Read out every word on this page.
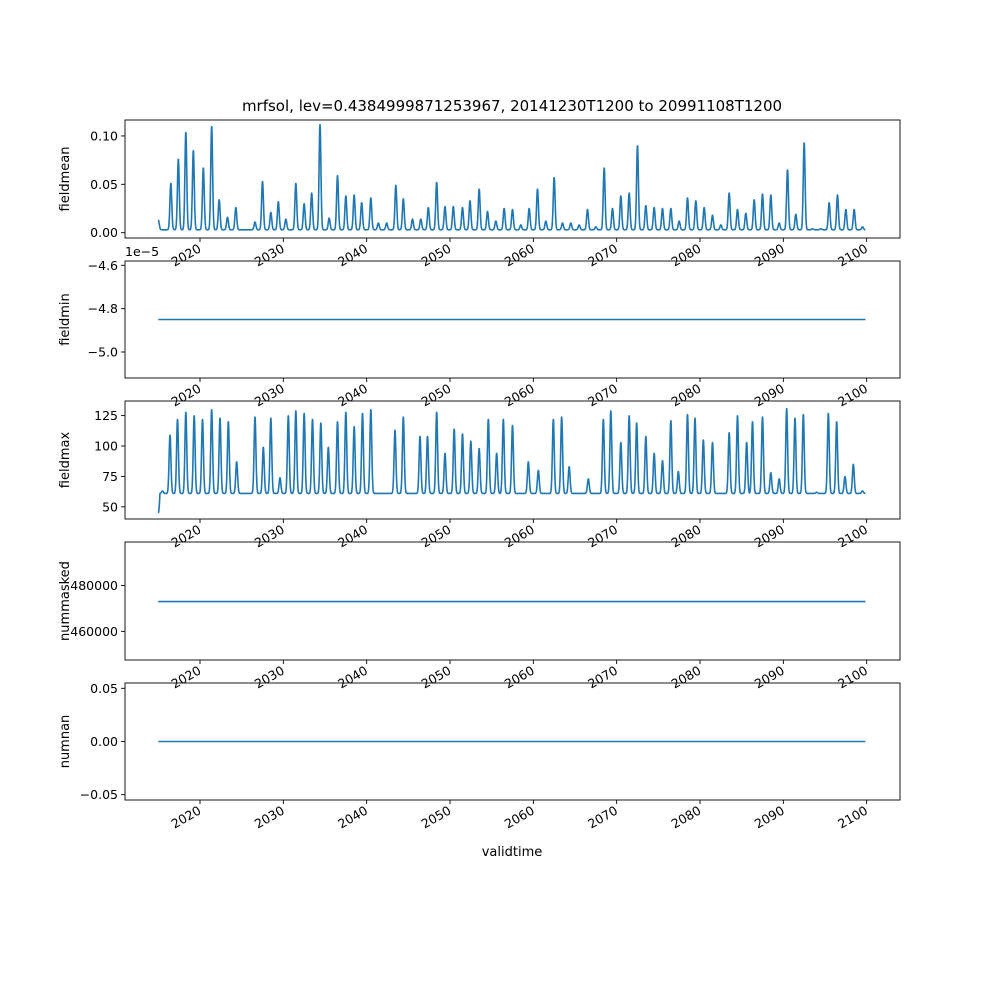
validtime
0.00
0.05
0.10
2020	2030	2040	2050	2060	2070	2080	2090	2100
fieldmean
−5.0
−4.8
−4.6
2020	2030	2040	2050	2060	2070	2080	2090	2100
fieldmin
1e−5
50
75
100
125
2020	2030	2040	2050	2060	2070	2080	2090	2100
fieldmax
460000
480000
2020	2030	2040	2050	2060	2070	2080	2090	2100
nummasked
−0.05
0.00
0.05
2020	2030	2040	2050	2060	2070	2080	2090	2100
numnan
mrfsol, lev=0.4384999871253967, 20141230T1200 to 20991108T1200
